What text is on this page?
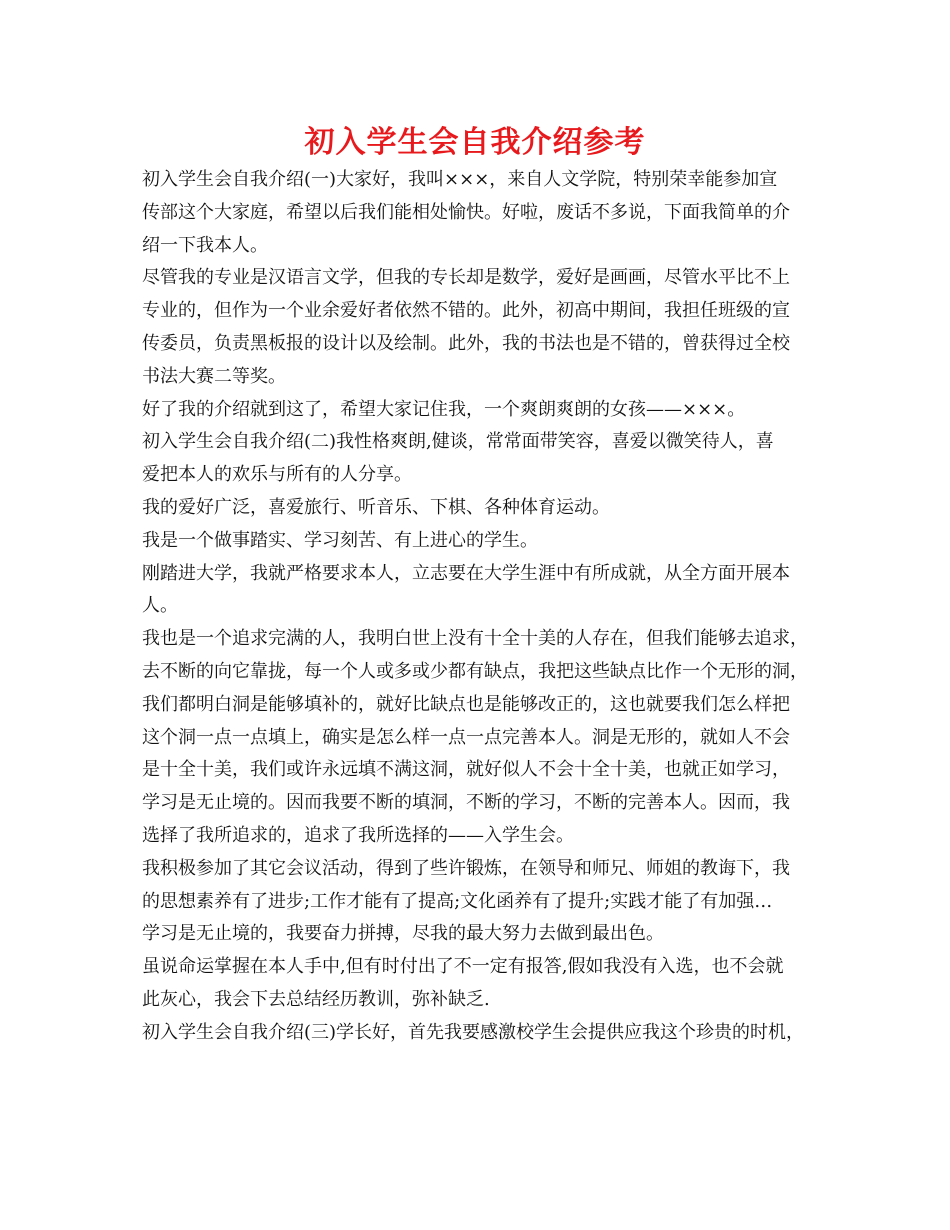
初入学生会自我介绍参考

初入学生会自我介绍(一)大家好，我叫×××，来自人文学院，特别荣幸能参加宣

传部这个大家庭，希望以后我们能相处愉快。好啦，废话不多说，下面我简单的介

绍一下我本人。

尽管我的专业是汉语言文学，但我的专长却是数学，爱好是画画，尽管水平比不上

专业的，但作为一个业余爱好者依然不错的。此外，初高中期间，我担任班级的宣

传委员，负责黑板报的设计以及绘制。此外，我的书法也是不错的，曾获得过全校

书法大赛二等奖。

好了我的介绍就到这了，希望大家记住我，一个爽朗爽朗的女孩——×××。

初入学生会自我介绍(二)我性格爽朗,健谈，常常面带笑容，喜爱以微笑待人，喜

爱把本人的欢乐与所有的人分享。

我的爱好广泛，喜爱旅行、听音乐、下棋、各种体育运动。

我是一个做事踏实、学习刻苦、有上进心的学生。

刚踏进大学，我就严格要求本人，立志要在大学生涯中有所成就，从全方面开展本

人。

我也是一个追求完满的人，我明白世上没有十全十美的人存在，但我们能够去追求，

去不断的向它靠拢，每一个人或多或少都有缺点，我把这些缺点比作一个无形的洞，

我们都明白洞是能够填补的，就好比缺点也是能够改正的，这也就要我们怎么样把

这个洞一点一点填上，确实是怎么样一点一点完善本人。洞是无形的，就如人不会

是十全十美，我们或许永远填不满这洞，就好似人不会十全十美，也就正如学习，

学习是无止境的。因而我要不断的填洞，不断的学习，不断的完善本人。因而，我

选择了我所追求的，追求了我所选择的——入学生会。

我积极参加了其它会议活动，得到了些许锻炼，在领导和师兄、师姐的教诲下，我

的思想素养有了进步;工作才能有了提高;文化函养有了提升;实践才能了有加强…

学习是无止境的，我要奋力拼搏，尽我的最大努力去做到最出色。

虽说命运掌握在本人手中,但有时付出了不一定有报答,假如我没有入选，也不会就

此灰心，我会下去总结经历教训，弥补缺乏.

初入学生会自我介绍(三)学长好，首先我要感激校学生会提供应我这个珍贵的时机，
